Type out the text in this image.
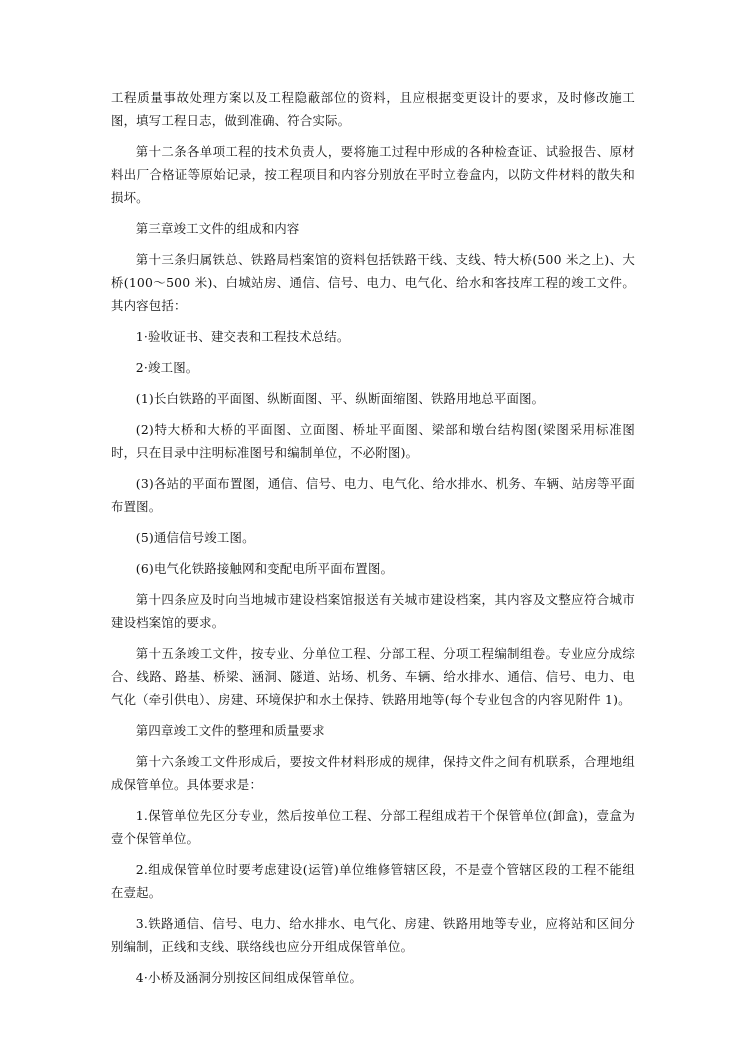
工程质量事故处理方案以及工程隐蔽部位的资料，且应根据变更设计的要求，及时修改施工图，填写工程日志，做到准确、符合实际。

第十二条各单项工程的技术负责人，要将施工过程中形成的各种检查证、试验报告、原材料出厂合格证等原始记录，按工程项目和内容分别放在平时立卷盒内，以防文件材料的散失和损坏。

第三章竣工文件的组成和内容

第十三条归属铁总、铁路局档案馆的资料包括铁路干线、支线、特大桥(500 米之上)、大桥(100～500 米)、白城站房、通信、信号、电力、电气化、给水和客技库工程的竣工文件。其内容包括：

1·验收证书、建交表和工程技术总结。

2·竣工图。

(1)长白铁路的平面图、纵断面图、平、纵断面缩图、铁路用地总平面图。

(2)特大桥和大桥的平面图、立面图、桥址平面图、梁部和墩台结构图(梁图采用标准图时，只在目录中注明标准图号和编制单位，不必附图)。

(3)各站的平面布置图，通信、信号、电力、电气化、给水排水、机务、车辆、站房等平面布置图。

(5)通信信号竣工图。

(6)电气化铁路接触网和变配电所平面布置图。

第十四条应及时向当地城市建设档案馆报送有关城市建设档案，其内容及文整应符合城市建设档案馆的要求。

第十五条竣工文件，按专业、分单位工程、分部工程、分项工程编制组卷。专业应分成综合、线路、路基、桥梁、涵洞、隧道、站场、机务、车辆、给水排水、通信、信号、电力、电气化（牵引供电）、房建、环境保护和水土保持、铁路用地等(每个专业包含的内容见附件 1)。

第四章竣工文件的整理和质量要求

第十六条竣工文件形成后，要按文件材料形成的规律，保持文件之间有机联系，合理地组成保管单位。具体要求是：

1.保管单位先区分专业，然后按单位工程、分部工程组成若干个保管单位(卸盒)，壹盒为壹个保管单位。

2.组成保管单位时要考虑建设(运管)单位维修管辖区段，不是壹个管辖区段的工程不能组在壹起。

3.铁路通信、信号、电力、给水排水、电气化、房建、铁路用地等专业，应将站和区间分别编制，正线和支线、联络线也应分开组成保管单位。

4·小桥及涵洞分别按区间组成保管单位。
